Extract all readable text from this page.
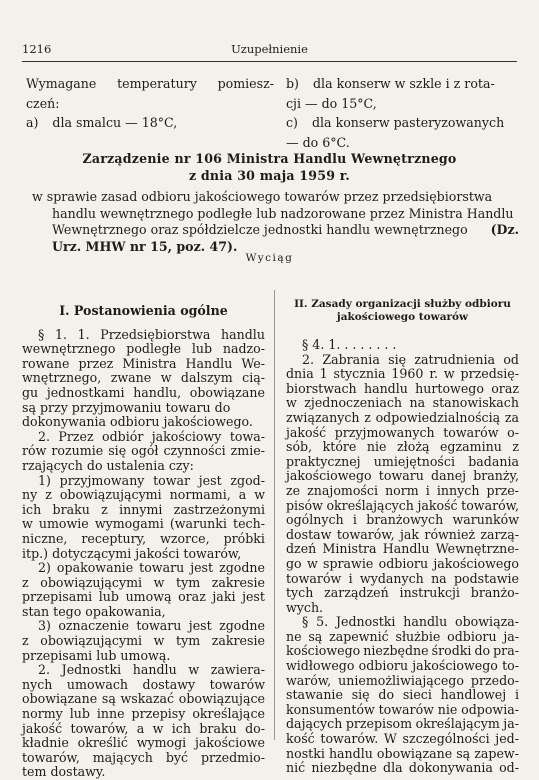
1216	Uzupełnienie
Wymagane temperatury pomiesz-
czeń:
a) dla smalcu — 18°C,
b) dla konserw w szkle i z rota-
cji — do 15°C,
c) dla konserw pasteryzowanych
— do 6°C.
Zarządzenie nr 106 Ministra Handlu Wewnętrznego
z dnia 30 maja 1959 r.
w sprawie zasad odbioru jakościowego towarów przez przedsiębiorstwa
handlu wewnętrznego podległe lub nadzorowane przez Ministra Handlu
Wewnętrznego oraz spółdzielcze jednostki handlu wewnętrznego (Dz.
Urz. MHW nr 15, poz. 47).
Wyciąg
I. Postanowienia ogólne
§ 1. 1. Przedsiębiorstwa handlu
wewnętrznego podległe lub nadzo-
rowane przez Ministra Handlu We-
wnętrznego, zwane w dalszym cią-
gu jednostkami handlu, obowiązane
są przy przyjmowaniu towaru do
dokonywania odbioru jakościowego.
2. Przez odbiór jakościowy towa-
rów rozumie się ogół czynności zmie-
rzających do ustalenia czy:
1) przyjmowany towar jest zgod-
ny z obowiązującymi normami, a w
ich braku z innymi zastrzeżonymi
w umowie wymogami (warunki tech-
niczne, receptury, wzorce, próbki
itp.) dotyczącymi jakości towarów,
2) opakowanie towaru jest zgodne
z obowiązującymi w tym zakresie
przepisami lub umową oraz jaki jest
stan tego opakowania,
3) oznaczenie towaru jest zgodne
z obowiązującymi w tym zakresie
przepisami lub umową.
2. Jednostki handlu w zawiera-
nych umowach dostawy towarów
obowiązane są wskazać obowiązujące
normy lub inne przepisy określające
jakość towarów, a w ich braku do-
kładnie określić wymogi jakościowe
towarów, mających być przedmio-
tem dostawy.
II. Zasady organizacji służby odbioru
jakościowego towarów
§ 4. 1. . . . . . . .
2. Zabrania się zatrudnienia od
dnia 1 stycznia 1960 r. w przedsię-
biorstwach handlu hurtowego oraz
w zjednoczeniach na stanowiskach
związanych z odpowiedzialnością za
jakość przyjmowanych towarów o-
sób, które nie złożą egzaminu z
praktycznej umiejętności badania
jakościowego towaru danej branży,
ze znajomości norm i innych prze-
pisów określających jakość towarów,
ogólnych i branżowych warunków
dostaw towarów, jak również zarzą-
dzeń Ministra Handlu Wewnętrzne-
go w sprawie odbioru jakościowego
towarów i wydanych na podstawie
tych zarządzeń instrukcji branżo-
wych.
§ 5. Jednostki handlu obowiąza-
ne są zapewnić służbie odbioru ja-
kościowego niezbędne środki do pra-
widłowego odbioru jakościowego to-
warów, uniemożliwiającego przedo-
stawanie się do sieci handlowej i
konsumentów towarów nie odpowia-
dających przepisom określającym ja-
kość towarów. W szczególności jed-
nostki handlu obowiązane są zapew-
nić niezbędne dla dokonywania od-
